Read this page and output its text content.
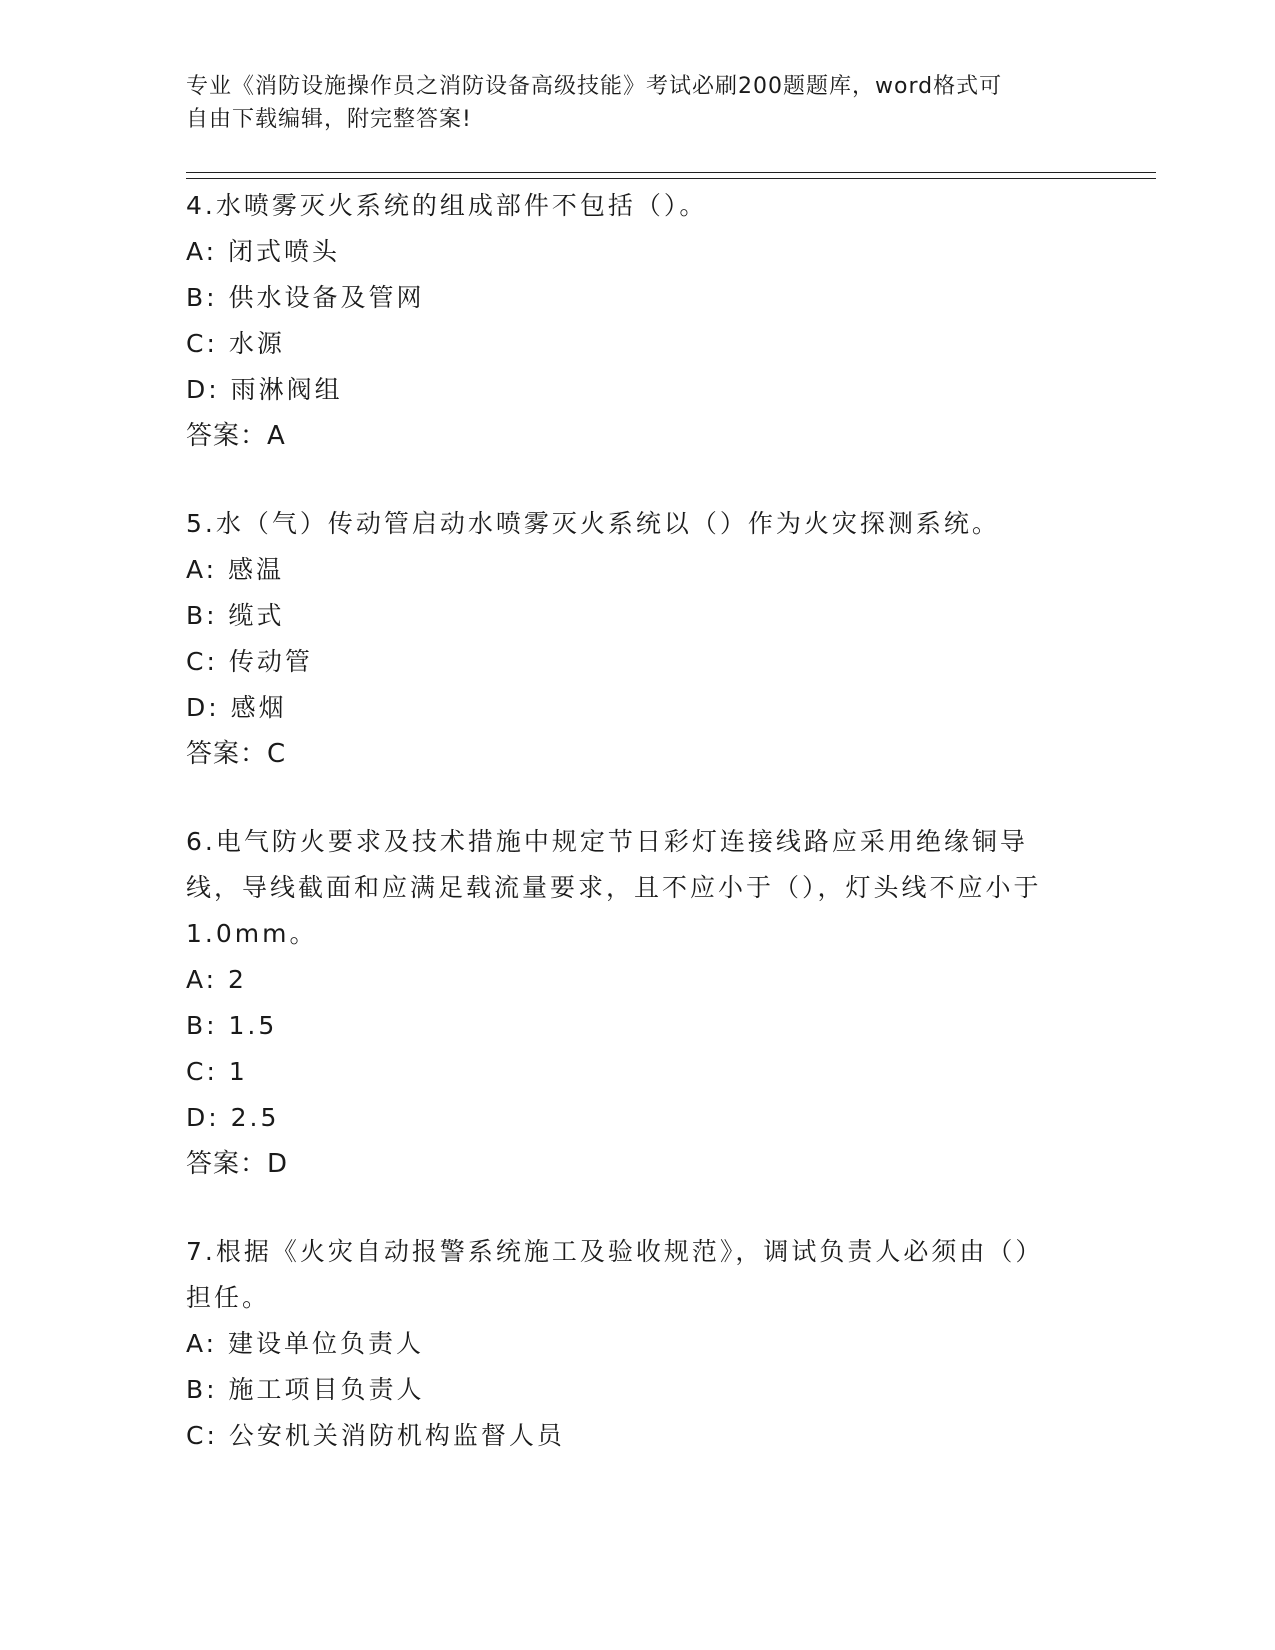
专业《消防设施操作员之消防设备高级技能》考试必刷200题题库，word格式可
自由下载编辑，附完整答案!
4.水喷雾灭火系统的组成部件不包括（）。
A: 闭式喷头
B: 供水设备及管网
C: 水源
D: 雨淋阀组
答案：A
5.水（气）传动管启动水喷雾灭火系统以（）作为火灾探测系统。
A: 感温
B: 缆式
C: 传动管
D: 感烟
答案：C
6.电气防火要求及技术措施中规定节日彩灯连接线路应采用绝缘铜导线，导线截面和应满足载流量要求，且不应小于（），灯头线不应小于1.0mm。
A: 2
B: 1.5
C: 1
D: 2.5
答案：D
7.根据《火灾自动报警系统施工及验收规范》，调试负责人必须由（）担任。
A: 建设单位负责人
B: 施工项目负责人
C: 公安机关消防机构监督人员
